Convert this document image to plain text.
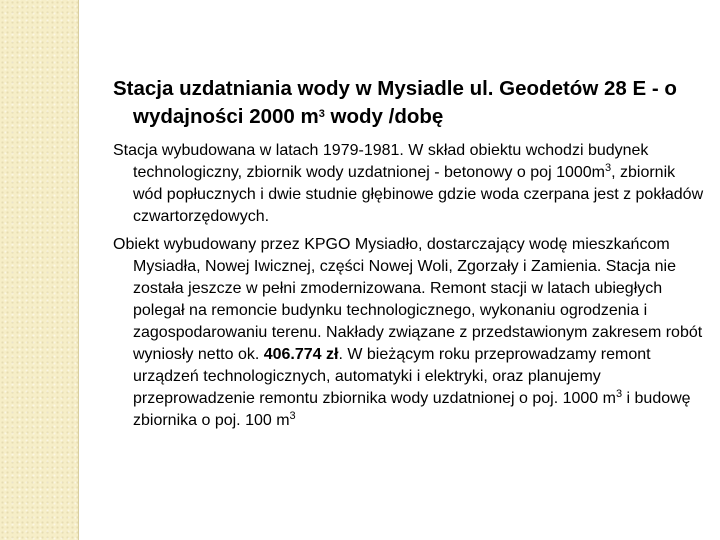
Stacja uzdatniania wody w Mysiadle ul. Geodetów 28 E - o wydajności 2000 $m^3$ wody /dobę

Stacja wybudowana w latach 1979-1981. W skład obiektu wchodzi budynek technologiczny, zbiornik wody uzdatnionej - betonowy o poj $1000m^3$, zbiornik wód popłucznych i dwie studnie głębinowe gdzie woda czerpana jest z pokładów czwartorzędowych.

Obiekt wybudowany przez KPGO Mysiadło, dostarczający wodę mieszkańcom Mysiadła, Nowej Iwicznej, części Nowej Woli, Zgorzały i Zamienia. Stacja nie została jeszcze w pełni zmodernizowana. Remont stacji w latach ubiegłych polegał na remoncie budynku technologicznego, wykonaniu ogrodzenia i zagospodarowaniu terenu. Nakłady związane z przedstawionym zakresem robót wyniosły netto ok. 406.774 zł. W bieżącym roku przeprowadzamy remont urządzeń technologicznych, automatyki i elektryki, oraz planujemy przeprowadzenie remontu zbiornika wody uzdatnionej o poj. 1000 $m^3$ i budowę zbiornika o poj. 100 $m^3$
